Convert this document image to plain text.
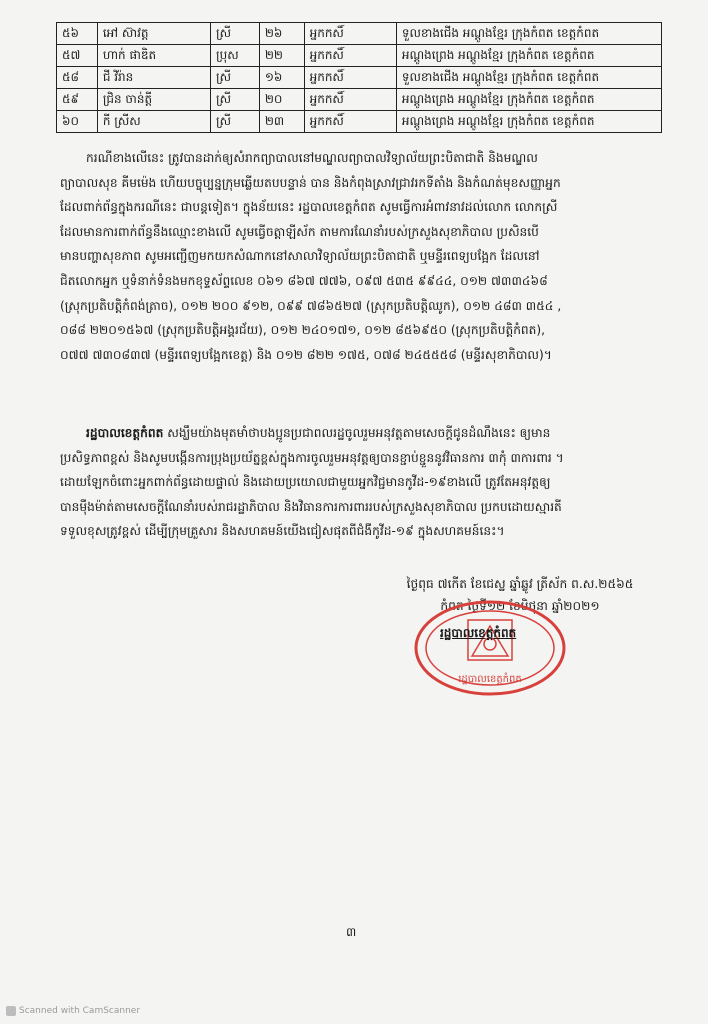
៥៦	អៅ ស៊ាវត្ត	ស្រី	២៦	អ្នកកសិ៍	ទួលខាងជើង អណ្តូងខ្មែរ ក្រុងកំពត ខេត្តកំពត
៥៧	ហាក់ ផាឌិត	ប្រុស	២២	អ្នកកសិ៍	អណ្តូងព្រេង អណ្តូងខ្មែរ ក្រុងកំពត ខេត្តកំពត
៥៨	ជី វិរ៉ាន	ស្រី	១៦	អ្នកកសិ៍	ទួលខាងជើង អណ្តូងខ្មែរ ក្រុងកំពត ខេត្តកំពត
៥៩	ជ្រិន ចាន់ត្ដី	ស្រី	២០	អ្នកកសិ៍	អណ្តូងព្រេង អណ្តូងខ្មែរ ក្រុងកំពត ខេត្តកំពត
៦០	កី ស្រីស	ស្រី	២៣	អ្នកកសិ៍	អណ្តូងព្រេង អណ្តូងខ្មែរ ក្រុងកំពត ខេត្តកំពត
ករណីខាងលើនេះ ត្រូវបានដាក់ឲ្យសំរាកព្យាបាលនៅមណ្ឌលព្យាបាលវិទ្យាល័យព្រះបិតាជាតិ និងមណ្ឌល
ព្យាបាលសុខ គីមម៉េង ហើយបច្ចុប្បន្នក្រុមឆ្លើយតបបន្ទាន់ បាន និងកំពុងស្រាវជ្រាវរកទីតាំង និងកំណត់មុខសញ្ញាអ្នក
ដែលពាក់ព័ន្ធក្នុងករណីនេះ ជាបន្តទៀត។ ក្នុងន័យនេះ រដ្ឋបាលខេត្តកំពត សូមធ្វើការអំពាវនាវដល់លោក លោកស្រី
ដែលមានការពាក់ព័ន្ធនឹងឈ្មោះខាងលើ សូមធ្វើចត្តាឡីស័ក តាមការណែនាំរបស់ក្រសួងសុខាភិបាល ប្រសិនបើ
មានបញ្ហាសុខភាព សូមអញ្ជើញមកយកសំណាកនៅសាលាវិទ្យាល័យព្រះបិតាជាតិ ឬមន្ទីរពេទ្យបង្អែក ដែលនៅ
ជិតលោកអ្នក ឬទំនាក់ទំនងមកខុទ្ទស័ព្ទលេខ ០៦១ ៨៦៧ ៧៧៦, ០៩៧ ៥៣៥ ៩៩៤៤, ០១២ ៧៣៣៤៦៨
(ស្រុកប្រតិបត្តិកំពង់ត្រាច), ០១២ ២០០ ៩១២, ០៩៩ ៧៨៦៥២៧ (ស្រុកប្រតិបត្តិឈូក), ០១២ ៤៨៣ ៣៥៤ ,
០៨៨ ២២០១៥៦៧ (ស្រុកប្រតិបត្តិអង្គរជ័យ), ០១២ ២៤០១៧១, ០១២ ៨៥៦៩៥០ (ស្រុកប្រតិបត្តិកំពត),
០៧៧ ៧៣០៨៣៧ (មន្ទីរពេទ្យបង្អែកខេត្ត) និង ០១២ ៨២២ ១៧៥, ០៧៨ ២៤៥៥៥៨ (មន្ទីរសុខាភិបាល)។
រដ្ឋបាលខេត្តកំពត សង្ឃឹមយ៉ាងមុតមាំថាបងប្អូនប្រជាពលរដ្ឋចូលរួមអនុវត្តតាមសេចក្តីជូនដំណឹងនេះ ឲ្យមាន
ប្រសិទ្ធភាពខ្ពស់ និងសូមបង្កើនការប្រុងប្រយ័ត្នខ្ពស់ក្នុងការចូលរួមអនុវត្តឲ្យបានខ្ជាប់ខ្ជួននូវវិធានការ ៣កុំ ៣ការពារ ។
ដោយឡែកចំពោះអ្នកពាក់ព័ន្ធដោយផ្ទាល់ និងដោយប្រយោលជាមួយអ្នកវិជ្ជមានកូវីដ-១៩ខាងលើ ត្រូវតែអនុវត្តឲ្យ
បានម៉ឺងម៉ាត់តាមសេចក្តីណែនាំរបស់រាជរដ្ឋាភិបាល និងវិធានការការពាររបស់ក្រសួងសុខាភិបាល ប្រកបដោយស្មារតី
ទទួលខុសត្រូវខ្ពស់ ដើម្បីក្រុមគ្រួសារ និងសហគមន៍យើងជៀសផុតពីជំងឺកូវីដ-១៩ ក្នុងសហគមន៍នេះ។
ថ្ងៃពុធ ៧កើត ខែជេស្ឋ ឆ្នាំឆ្លូវ ត្រីស័ក ព.ស.២៥៦៥
កំពត ថ្ងៃទី១២ ខែមិថុនា ឆ្នាំ២០២១
រដ្ឋបាលខេត្តកំពត
រដ្ឋបាលខេត្តកំពត
៣
Scanned with CamScanner
